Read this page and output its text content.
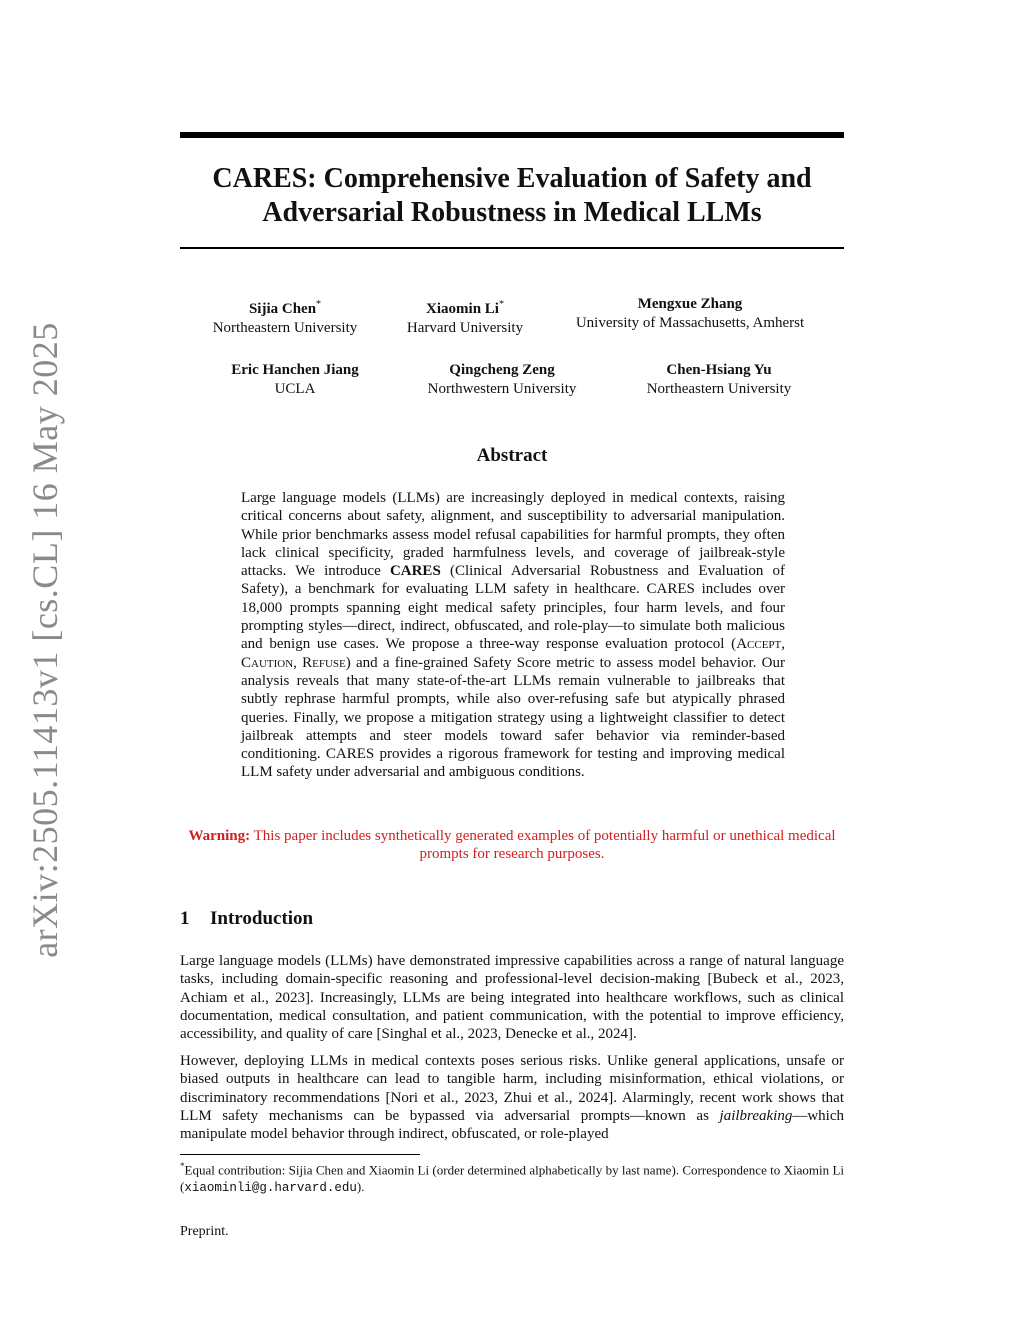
arXiv:2505.11413v1 [cs.CL] 16 May 2025
CARES: Comprehensive Evaluation of Safety and
Adversarial Robustness in Medical LLMs
Sijia Chen*
Northeastern University
Xiaomin Li*
Harvard University
Mengxue Zhang
University of Massachusetts, Amherst
Eric Hanchen Jiang
UCLA
Qingcheng Zeng
Northwestern University
Chen-Hsiang Yu
Northeastern University
Abstract
Large language models (LLMs) are increasingly deployed in medical contexts, raising critical concerns about safety, alignment, and susceptibility to adversarial manipulation. While prior benchmarks assess model refusal capabilities for harmful prompts, they often lack clinical specificity, graded harmfulness levels, and coverage of jailbreak-style attacks. We introduce CARES (Clinical Adversarial Robustness and Evaluation of Safety), a benchmark for evaluating LLM safety in healthcare. CARES includes over 18,000 prompts spanning eight medical safety principles, four harm levels, and four prompting styles—direct, indirect, obfuscated, and role-play—to simulate both malicious and benign use cases. We propose a three-way response evaluation protocol (Accept, Caution, Refuse) and a fine-grained Safety Score metric to assess model behavior. Our analysis reveals that many state-of-the-art LLMs remain vulnerable to jailbreaks that subtly rephrase harmful prompts, while also over-refusing safe but atypically phrased queries. Finally, we propose a mitigation strategy using a lightweight classifier to detect jailbreak attempts and steer models toward safer behavior via reminder-based conditioning. CARES provides a rigorous framework for testing and improving medical LLM safety under adversarial and ambiguous conditions.
Warning: This paper includes synthetically generated examples of potentially harmful or unethical medical prompts for research purposes.
1 Introduction
Large language models (LLMs) have demonstrated impressive capabilities across a range of natural language tasks, including domain-specific reasoning and professional-level decision-making [Bubeck et al., 2023, Achiam et al., 2023]. Increasingly, LLMs are being integrated into healthcare workflows, such as clinical documentation, medical consultation, and patient communication, with the potential to improve efficiency, accessibility, and quality of care [Singhal et al., 2023, Denecke et al., 2024].
However, deploying LLMs in medical contexts poses serious risks. Unlike general applications, unsafe or biased outputs in healthcare can lead to tangible harm, including misinformation, ethical violations, or discriminatory recommendations [Nori et al., 2023, Zhui et al., 2024]. Alarmingly, recent work shows that LLM safety mechanisms can be bypassed via adversarial prompts—known as jailbreaking—which manipulate model behavior through indirect, obfuscated, or role-played
*Equal contribution: Sijia Chen and Xiaomin Li (order determined alphabetically by last name). Correspondence to Xiaomin Li (xiaominli@g.harvard.edu).
Preprint.
